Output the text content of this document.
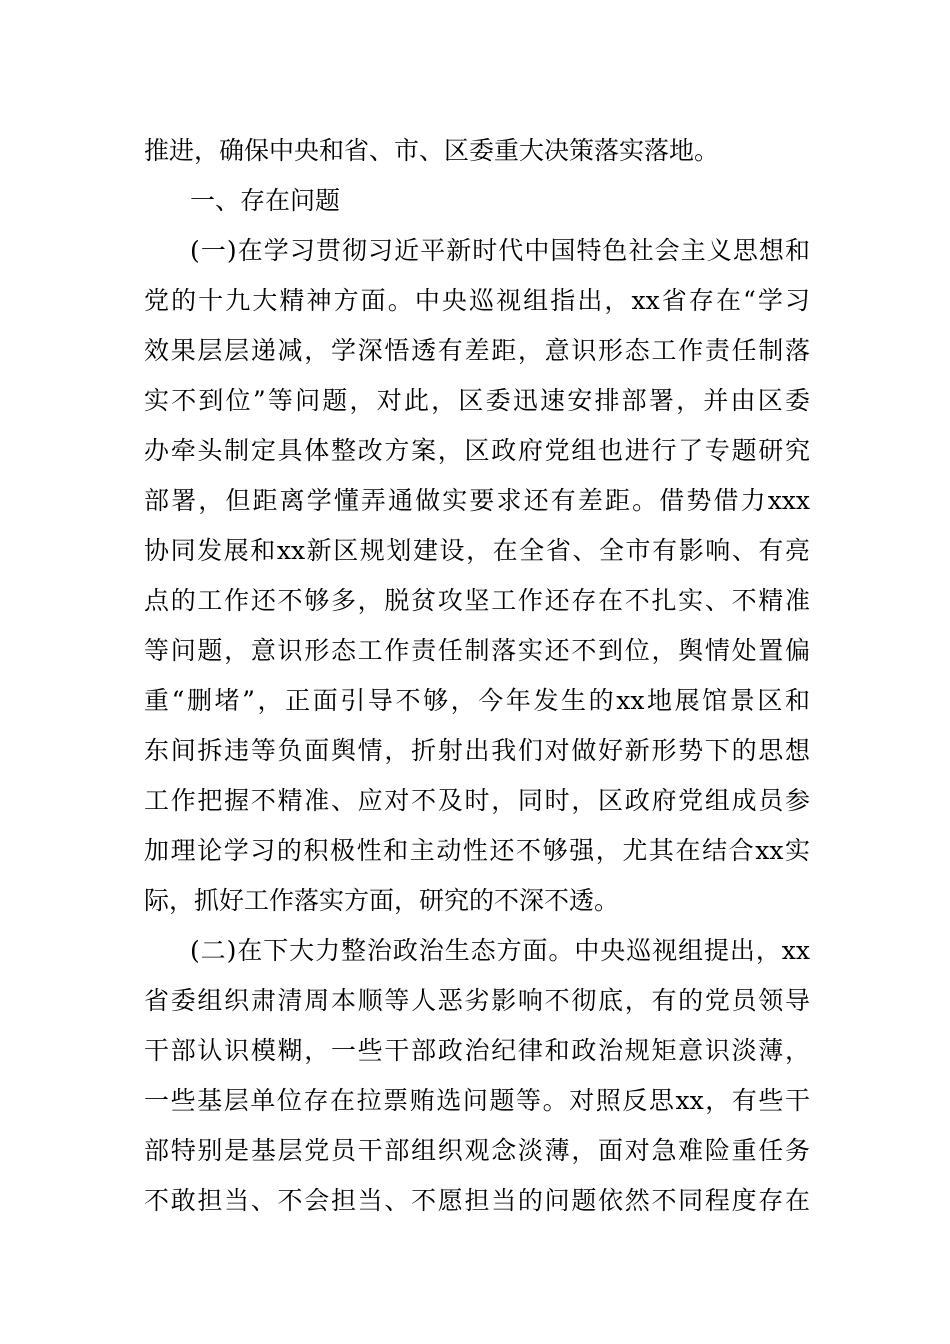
推进，确保中央和省、市、区委重大决策落实落地。
一、存在问题
(一)在学习贯彻习近平新时代中国特色社会主义思想和
党的十九大精神方面。中央巡视组指出，xx省存在“学习
效果层层递减，学深悟透有差距，意识形态工作责任制落
实不到位”等问题，对此，区委迅速安排部署，并由区委
办牵头制定具体整改方案，区政府党组也进行了专题研究
部署，但距离学懂弄通做实要求还有差距。借势借力xxx
协同发展和xx新区规划建设，在全省、全市有影响、有亮
点的工作还不够多，脱贫攻坚工作还存在不扎实、不精准
等问题，意识形态工作责任制落实还不到位，舆情处置偏
重“删堵”，正面引导不够，今年发生的xx地展馆景区和
东间拆违等负面舆情，折射出我们对做好新形势下的思想
工作把握不精准、应对不及时，同时，区政府党组成员参
加理论学习的积极性和主动性还不够强，尤其在结合xx实
际，抓好工作落实方面，研究的不深不透。
(二)在下大力整治政治生态方面。中央巡视组提出，xx
省委组织肃清周本顺等人恶劣影响不彻底，有的党员领导
干部认识模糊，一些干部政治纪律和政治规矩意识淡薄，
一些基层单位存在拉票贿选问题等。对照反思xx，有些干
部特别是基层党员干部组织观念淡薄，面对急难险重任务
不敢担当、不会担当、不愿担当的问题依然不同程度存在
